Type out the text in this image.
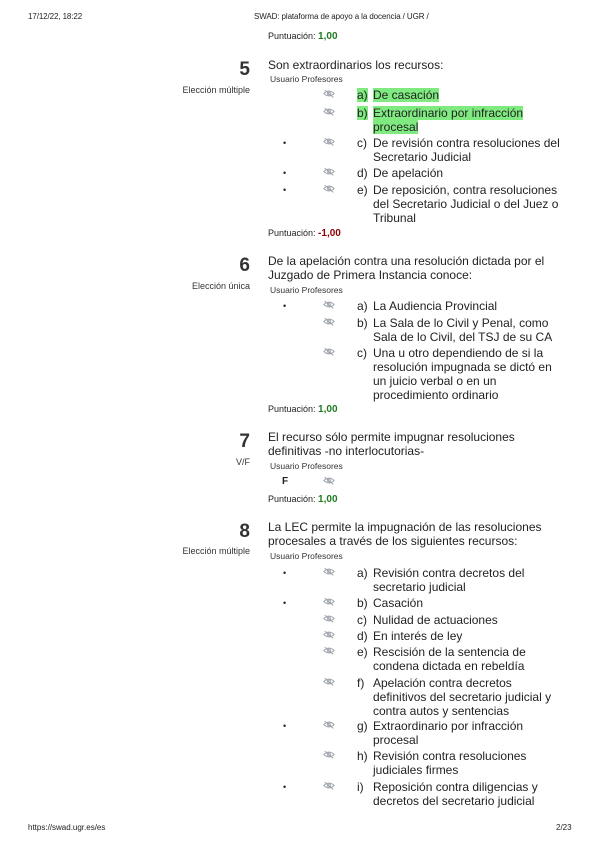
17/12/22, 18:22	SWAD: plataforma de apoyo a la docencia / UGR /
https://swad.ugr.es/es	2/23
Puntuación: 1,00
5
Elección múltiple

Son extraordinarios los recursos:

Usuario Profesores
a) De casación
b) Extraordinario por infracción procesal
•	c) De revisión contra resoluciones del Secretario Judicial
•	d) De apelación
•	e) De reposición, contra resoluciones del Secretario Judicial o del Juez o Tribunal
Puntuación: -1,00
6
Elección única

De la apelación contra una resolución dictada por el Juzgado de Primera Instancia conoce:

Usuario Profesores
•	a) La Audiencia Provincial
b) La Sala de lo Civil y Penal, como Sala de lo Civil, del TSJ de su CA
c) Una u otro dependiendo de si la resolución impugnada se dictó en un juicio verbal o en un procedimiento ordinario
Puntuación: 1,00
7
V/F

El recurso sólo permite impugnar resoluciones definitivas -no interlocutorias-

Usuario Profesores
F
Puntuación: 1,00
8
Elección múltiple

La LEC permite la impugnación de las resoluciones procesales a través de los siguientes recursos:

Usuario Profesores
•	a) Revisión contra decretos del secretario judicial
•	b) Casación
c) Nulidad de actuaciones
d) En interés de ley
e) Rescisión de la sentencia de condena dictada en rebeldía
f) Apelación contra decretos definitivos del secretario judicial y contra autos y sentencias
•	g) Extraordinario por infracción procesal
h) Revisión contra resoluciones judiciales firmes
•	i) Reposición contra diligencias y decretos del secretario judicial
